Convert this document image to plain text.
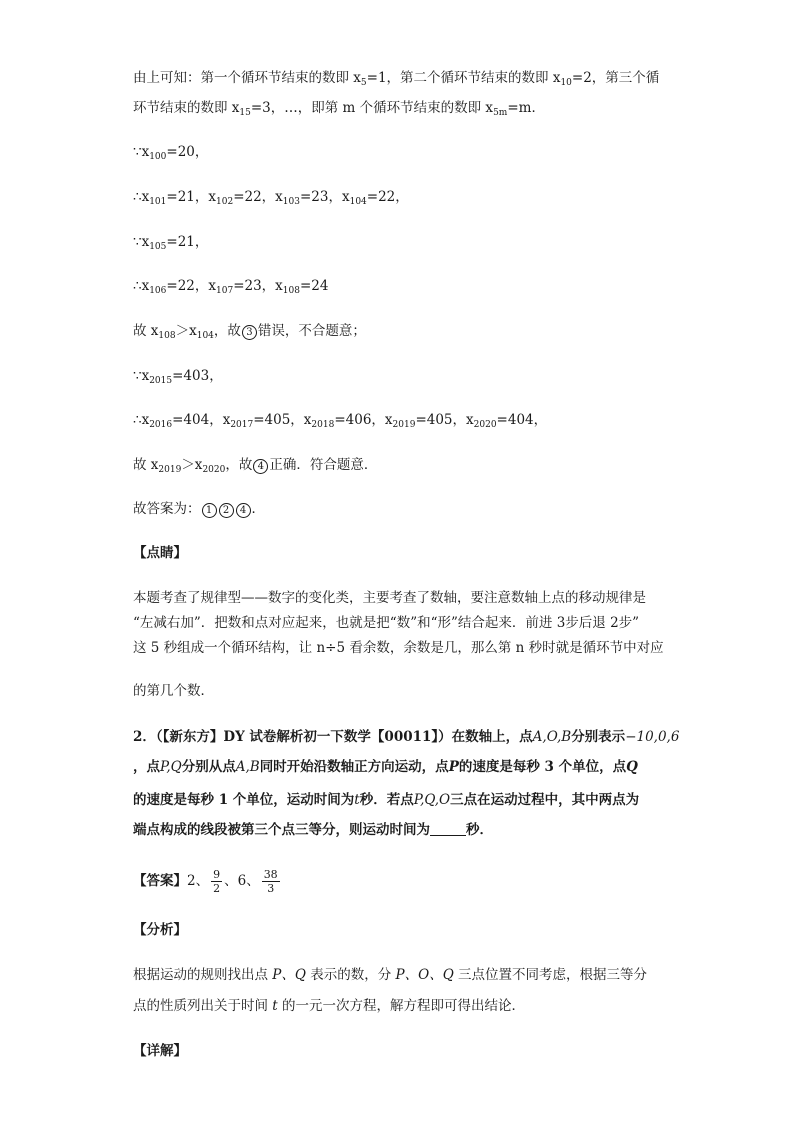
由上可知：第一个循环节结束的数即 $x_5=1$，第二个循环节结束的数即 $x_{10}=2$，第三个循
环节结束的数即 $x_{15}=3$，…，即第 m 个循环节结束的数即 $x_{5m}=m$．
$\because x_{100}=20$，
$\therefore x_{101}=21$，$x_{102}=22$，$x_{103}=23$，$x_{104}=22$，
$\because x_{105}=21$，
$\therefore x_{106}=22$，$x_{107}=23$，$x_{108}=24$
故 $x_{108}>x_{104}$，故 3 错误，不合题意；
$\because x_{2015}=403$，
$\therefore x_{2016}=404$，$x_{2017}=405$，$x_{2018}=406$，$x_{2019}=405$，$x_{2020}=404$，
故 $x_{2019}>x_{2020}$，故 4 正确．符合题意．
故答案为： 1 2 4 ．
【点睛】
本题考查了规律型——数字的变化类，主要考查了数轴，要注意数轴上点的移动规律是
“左减右加”．把数和点对应起来，也就是把“数”和“形”结合起来．前进 3步后退 2步”
这 5 秒组成一个循环结构，让 n÷5 看余数，余数是几，那么第 n 秒时就是循环节中对应
的第几个数．
2．（【新东方】DY 试卷解析初一下数学【00011】）在数轴上，点A,O,B分别表示−10,0,6
，点P,Q分别从点A,B同时开始沿数轴正方向运动，点P的速度是每秒 3 个单位，点Q
的速度是每秒 1 个单位，运动时间为t秒．若点P,Q,O三点在运动过程中，其中两点为
端点构成的线段被第三个点三等分，则运动时间为	秒．
【答案】2、 $\frac{9}{2}$ 、6、 $\frac{38}{3}$
【分析】
根据运动的规则找出点 P、Q 表示的数，分 P、O、Q 三点位置不同考虑，根据三等分
点的性质列出关于时间 t 的一元一次方程，解方程即可得出结论．
【详解】
